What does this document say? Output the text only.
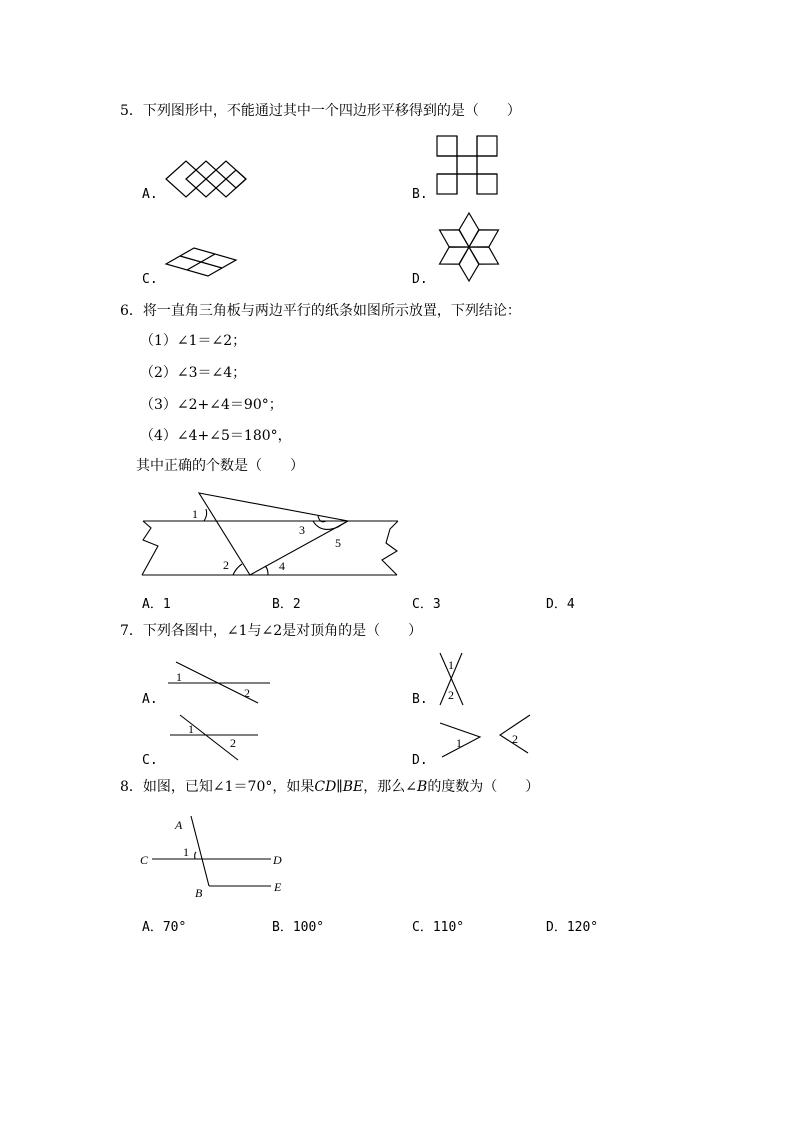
5．下列图形中，不能通过其中一个四边形平移得到的是（　　）
A.	B.
C.	D.
6．将一直角三角板与两边平行的纸条如图所示放置，下列结论：
（1）∠1＝∠2；
（2）∠3＝∠4；
（3）∠2+∠4＝90°；
（4）∠4+∠5＝180°，
其中正确的个数是（　　）
1
2
3
4
5
A．1	B．2	C．3	D．4
7．下列各图中，∠1与∠2是对顶角的是（　　）
A.
1
2	B.
1
2
C.
1
2
D.
1	2
8．如图，已知∠1＝70°，如果CD∥BE，那么∠B的度数为（　　）
A
C	D
B	E
1
A．70°	B．100°	C．110°	D．120°
